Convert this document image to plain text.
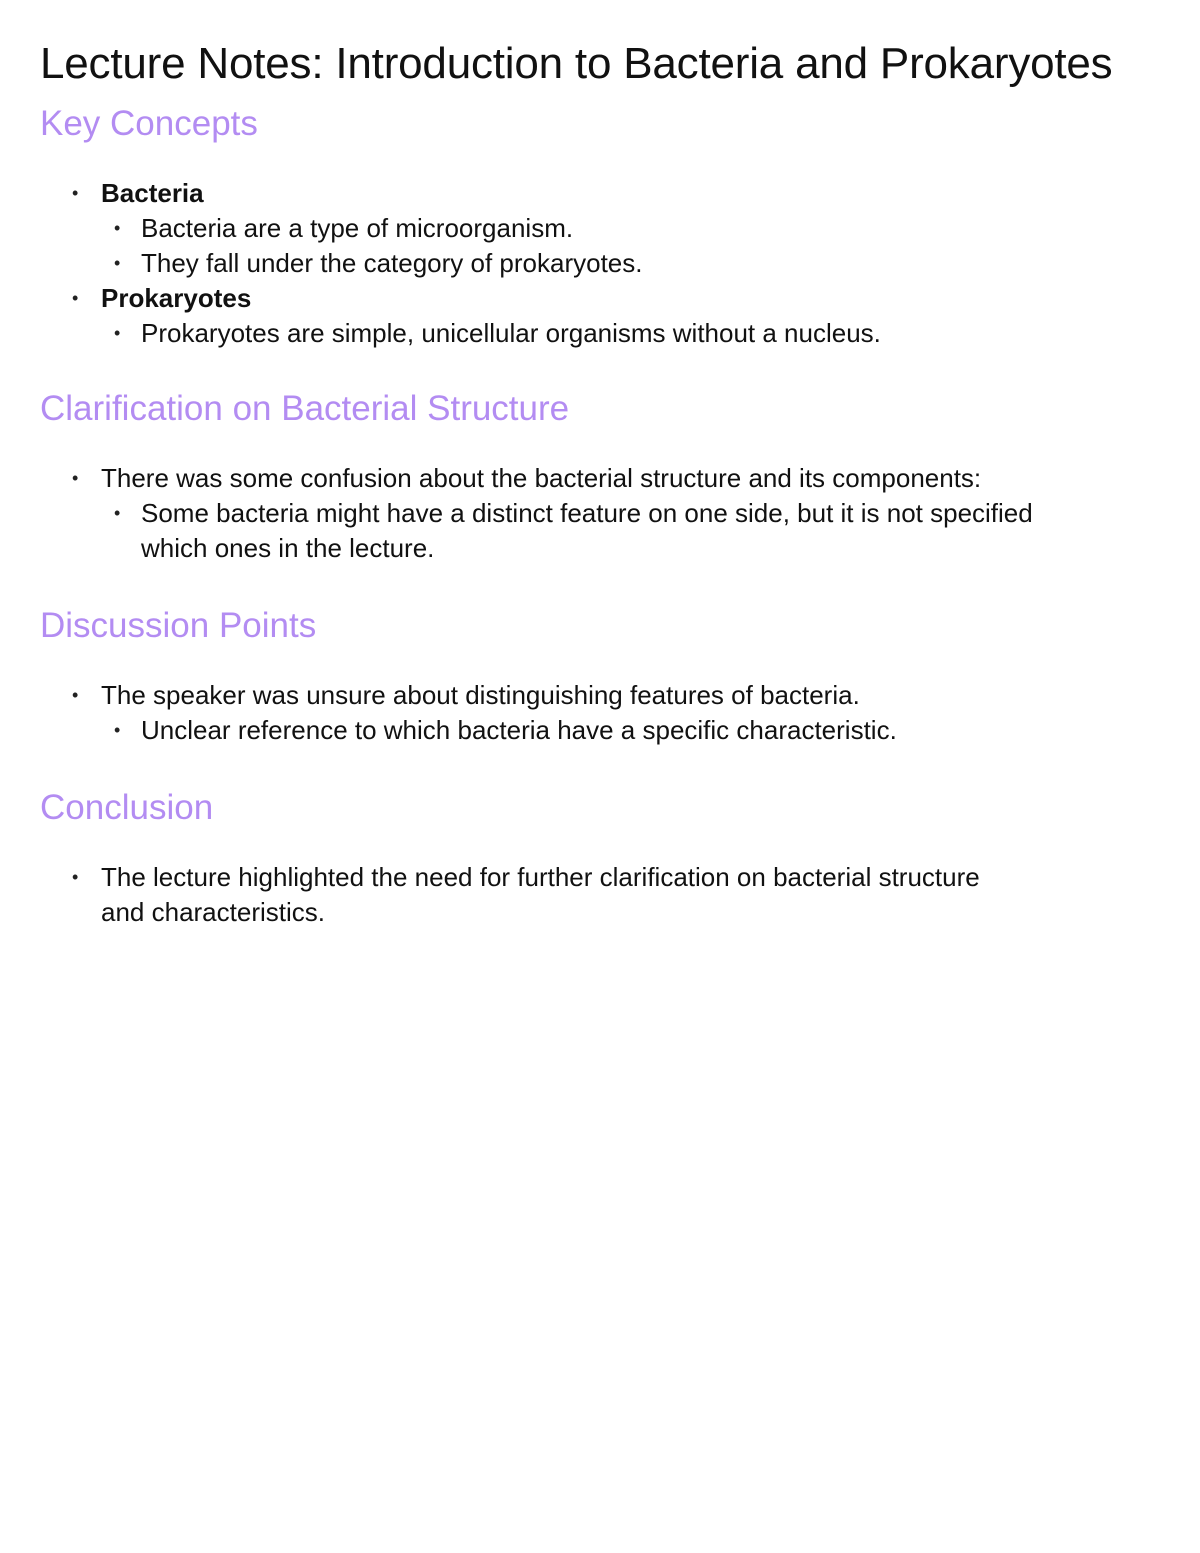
Lecture Notes: Introduction to Bacteria and Prokaryotes
Key Concepts
• Bacteria
• Bacteria are a type of microorganism.
• They fall under the category of prokaryotes.
• Prokaryotes
• Prokaryotes are simple, unicellular organisms without a nucleus.
Clarification on Bacterial Structure
• There was some confusion about the bacterial structure and its components:
• Some bacteria might have a distinct feature on one side, but it is not specified which ones in the lecture.
Discussion Points
• The speaker was unsure about distinguishing features of bacteria.
• Unclear reference to which bacteria have a specific characteristic.
Conclusion
• The lecture highlighted the need for further clarification on bacterial structure and characteristics.
